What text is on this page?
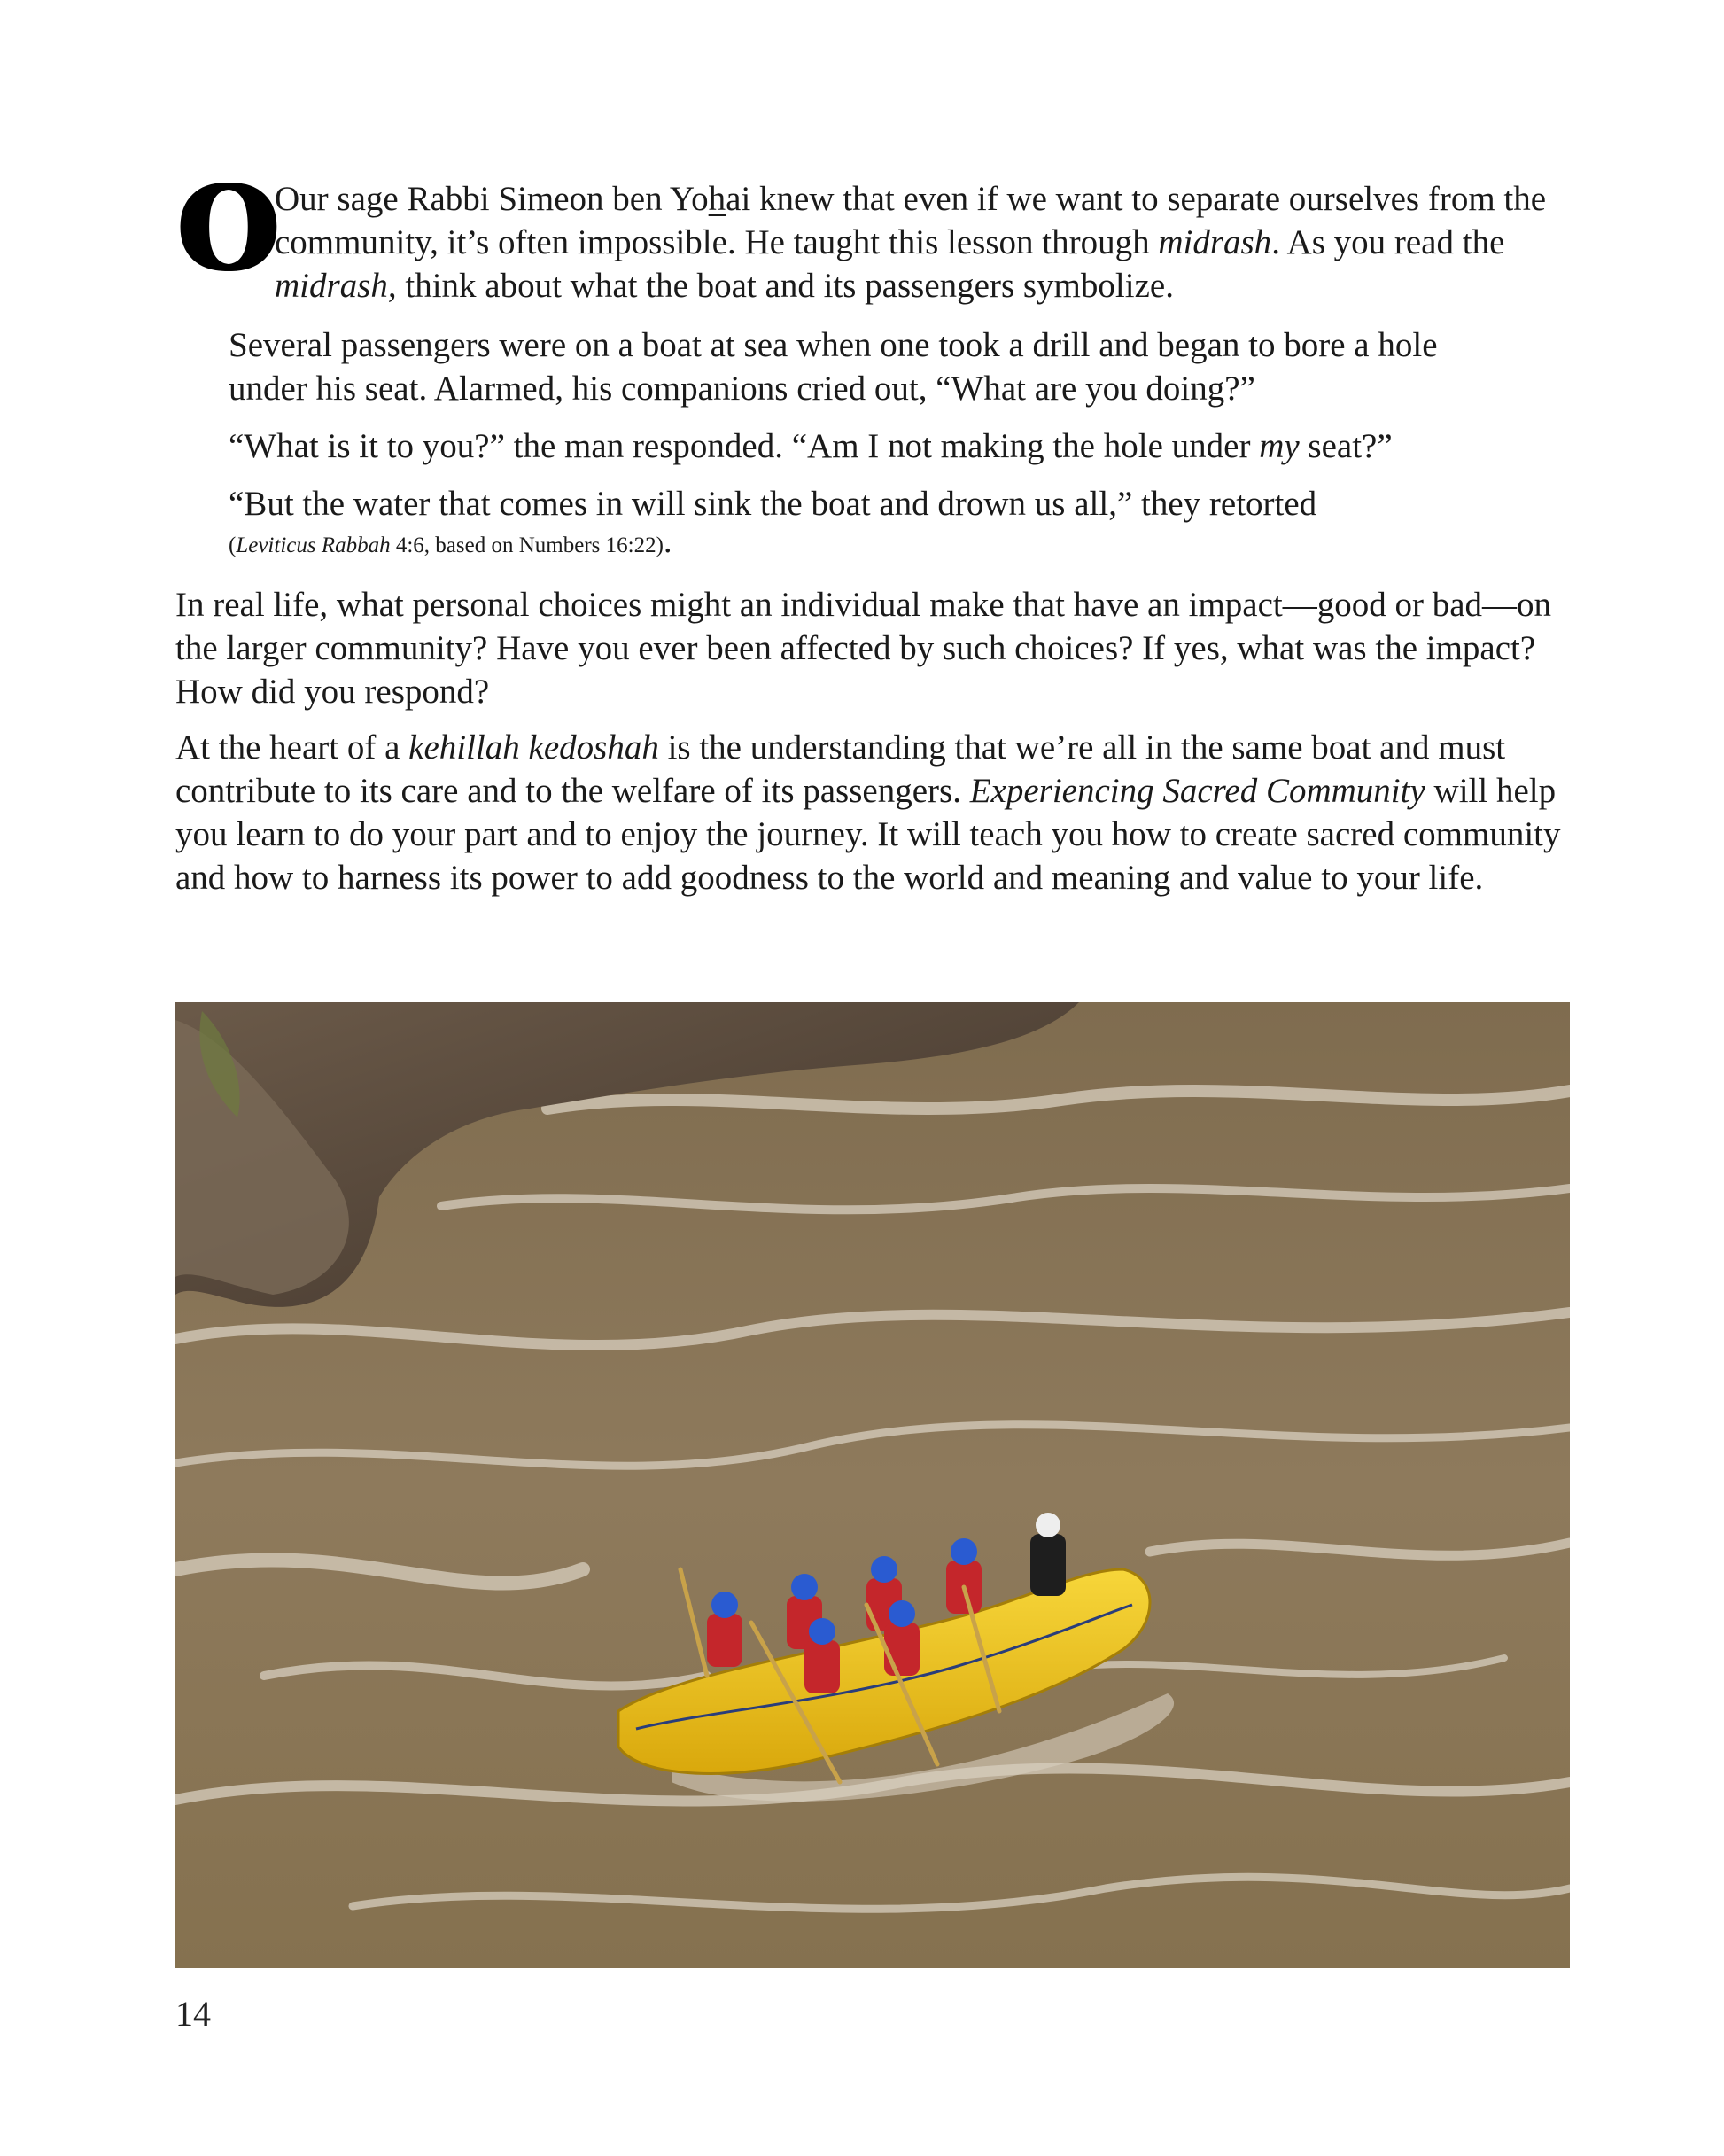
O Our sage Rabbi Simeon ben Yohai knew that even if we want to separate ourselves from the community, it’s often impossible. He taught this lesson through midrash. As you read the midrash, think about what the boat and its passengers symbolize.

Several passengers were on a boat at sea when one took a drill and began to bore a hole under his seat. Alarmed, his companions cried out, “What are you doing?”

“What is it to you?” the man responded. “Am I not making the hole under my seat?”

“But the water that comes in will sink the boat and drown us all,” they retorted

(Leviticus Rabbah 4:6, based on Numbers 16:22).

In real life, what personal choices might an individual make that have an impact—good or bad—on the larger community? Have you ever been affected by such choices? If yes, what was the impact? How did you respond?

At the heart of a kehillah kedoshah is the understanding that we’re all in the same boat and must contribute to its care and to the welfare of its passengers. Experiencing Sacred Community will help you learn to do your part and to enjoy the journey. It will teach you how to create sacred community and how to harness its power to add goodness to the world and meaning and value to your life.

14
